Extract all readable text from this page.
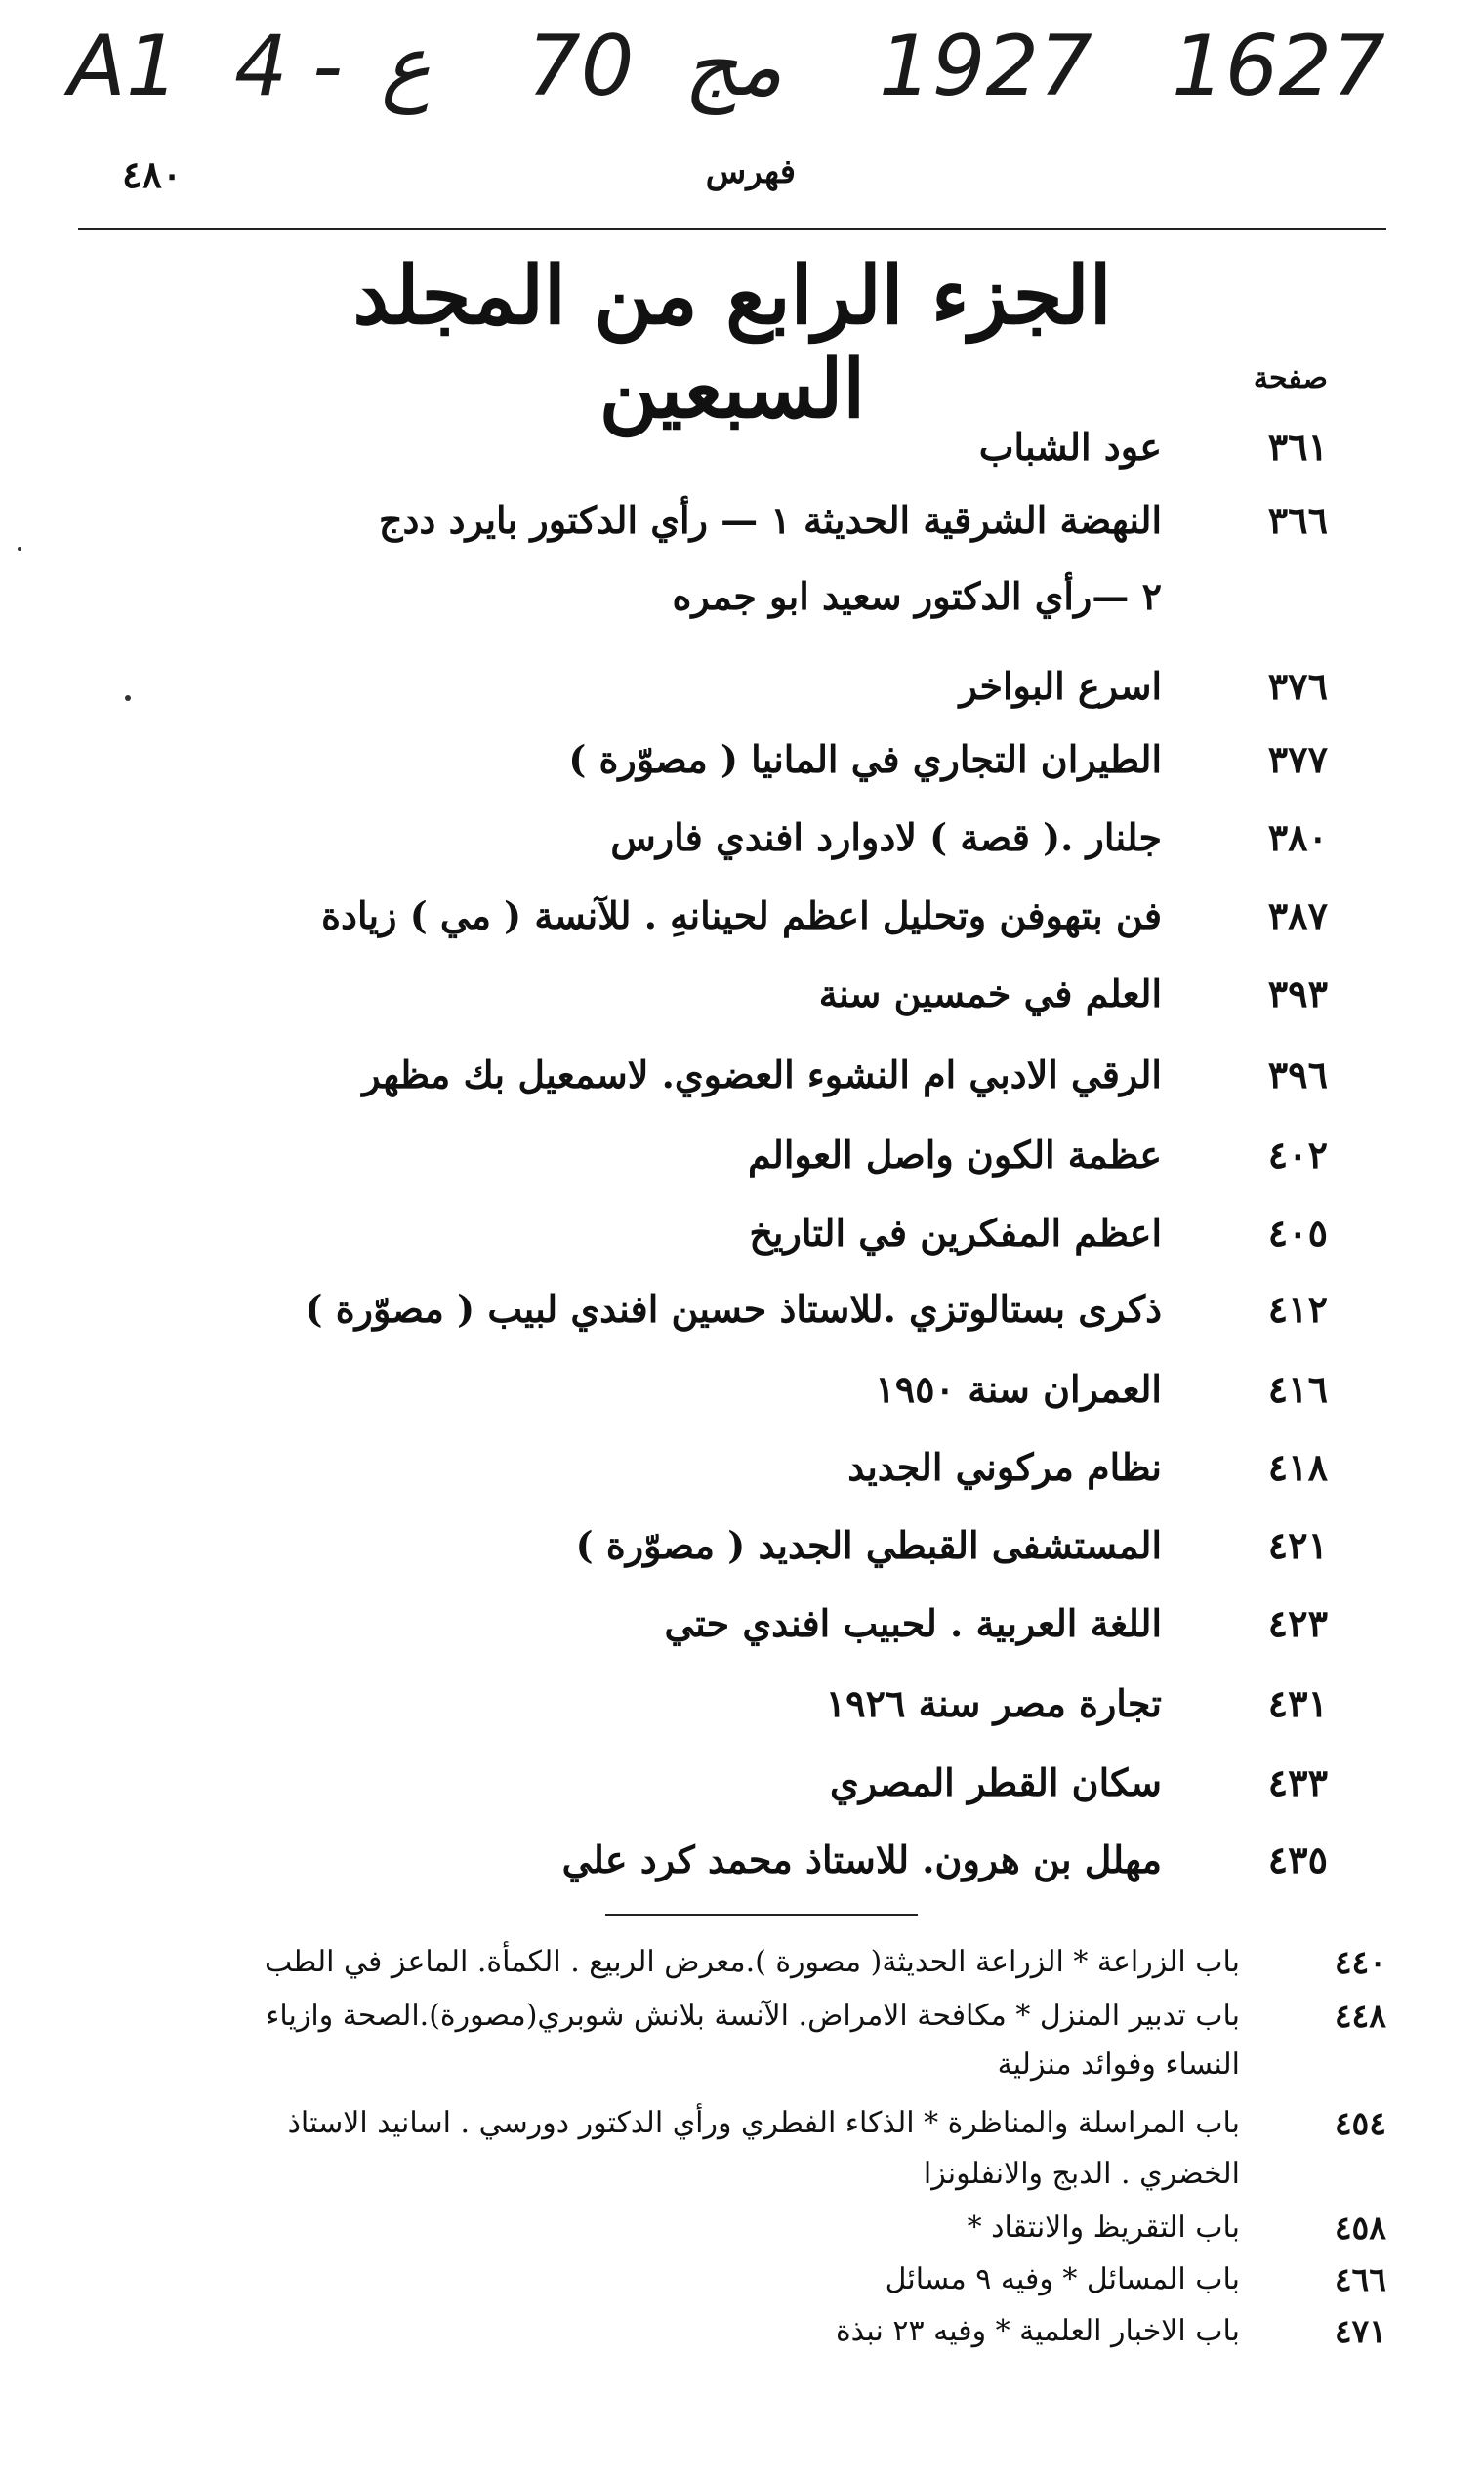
A1 4 - ع 70 مج 1927 1627
فهرس
٤٨٠
الجزء الرابع من المجلد السبعين	صفحة
٣٦١
عود الشباب
٣٦٦
النهضة الشرقية الحديثة ١ — رأي الدكتور بايرد ددج
٢ —رأي الدكتور سعيد ابو جمره
٣٧٦
اسرع البواخر
٣٧٧
الطيران التجاري في المانيا ( مصوّرة )
٣٨٠
جلنار .( قصة ) لادوارد افندي فارس
٣٨٧
فن بتهوفن وتحليل اعظم لحينانهِ . للآنسة ( مي ) زيادة
٣٩٣
العلم في خمسين سنة
٣٩٦
الرقي الادبي ام النشوء العضوي. لاسمعيل بك مظهر
٤٠٢
عظمة الكون واصل العوالم
٤٠٥
اعظم المفكرين في التاريخ
٤١٢
ذكرى بستالوتزي .للاستاذ حسين افندي لبيب ( مصوّرة )
٤١٦
العمران سنة ١٩٥٠
٤١٨
نظام مركوني الجديد
٤٢١
المستشفى القبطي الجديد ( مصوّرة )
٤٢٣
اللغة العربية . لحبيب افندي حتي
٤٣١
تجارة مصر سنة ١٩٢٦
٤٣٣
سكان القطر المصري
٤٣٥
مهلل بن هرون. للاستاذ محمد كرد علي
٤٤٠
باب الزراعة * الزراعة الحديثة( مصورة ).معرض الربيع . الكمأة. الماعز في الطب
٤٤٨
باب تدبير المنزل * مكافحة الامراض. الآنسة بلانش شوبري(مصورة).الصحة وازياء
النساء وفوائد منزلية
٤٥٤
باب المراسلة والمناظرة * الذكاء الفطري ورأي الدكتور دورسي . اسانيد الاستاذ
الخضري . الدبج والانفلونزا
٤٥٨
باب التقريظ والانتقاد *
٤٦٦
باب المسائل * وفيه ٩ مسائل
٤٧١
باب الاخبار العلمية * وفيه ٢٣ نبذة
